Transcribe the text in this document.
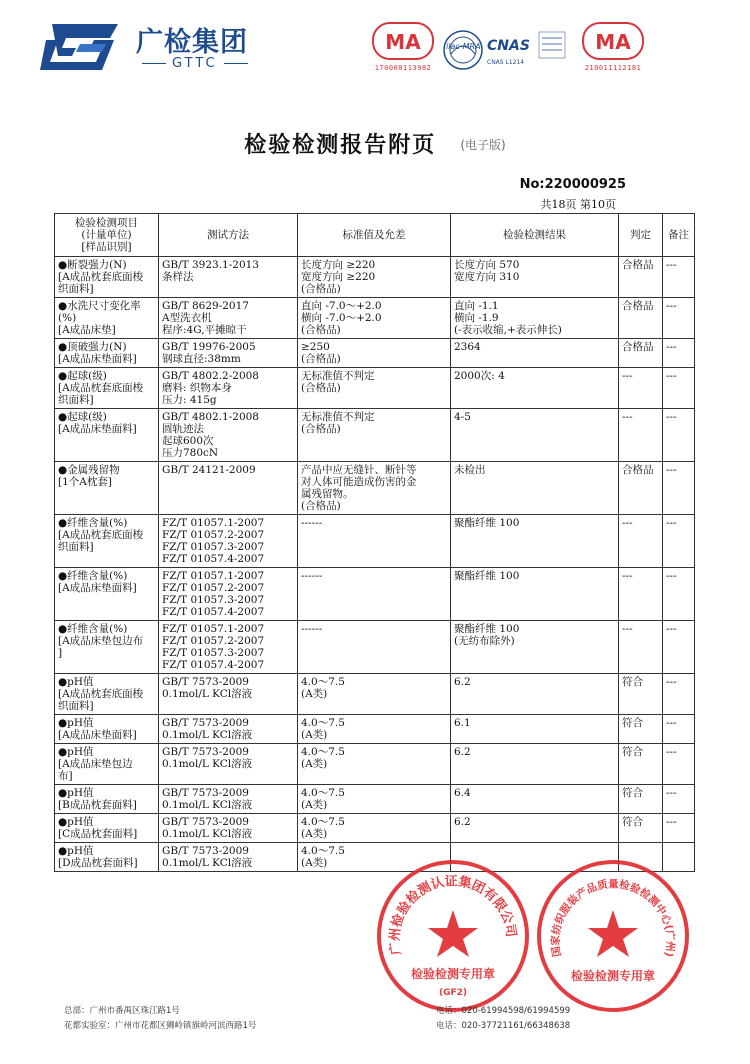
广检集团
GTTC
MA
170000113982
ilac-MRA CNAS
CNAS L1214
MA
210011112181
检验检测报告附页 (电子版)
No:220000925
共18页 第10页
检验检测项目
(计量单位)
[样品识别]	测试方法	标准值及允差	检验检测结果	判定	备注
●断裂强力(N)
[A成品枕套底面梭
织面料]	GB/T 3923.1-2013
条样法	长度方向 ≥220
宽度方向 ≥220
(合格品)	长度方向 570
宽度方向 310	合格品	---
●水洗尺寸变化率
(%)
[A成品床垫]	GB/T 8629-2017
A型洗衣机
程序:4G,平摊晾干	直向 -7.0～+2.0
横向 -7.0～+2.0
(合格品)	直向 -1.1
横向 -1.9
(-表示收缩,+表示伸长)	合格品	---
●顶破强力(N)
[A成品床垫面料]	GB/T 19976-2005
钢球直径:38mm	≥250
(合格品)	2364	合格品	---
●起球(级)
[A成品枕套底面梭
织面料]	GB/T 4802.2-2008
磨料: 织物本身
压力: 415g	无标准值不判定
(合格品)	2000次: 4	---	---
●起球(级)
[A成品床垫面料]	GB/T 4802.1-2008
圆轨迹法
起球600次
压力780cN	无标准值不判定
(合格品)	4-5	---	---
●金属残留物
[1个A枕套]	GB/T 24121-2009	产品中应无缝针、断针等
对人体可能造成伤害的金
属残留物。
(合格品)	未检出	合格品	---
●纤维含量(%)
[A成品枕套底面梭
织面料]	FZ/T 01057.1-2007
FZ/T 01057.2-2007
FZ/T 01057.3-2007
FZ/T 01057.4-2007	------	聚酯纤维 100	---	---
●纤维含量(%)
[A成品床垫面料]	FZ/T 01057.1-2007
FZ/T 01057.2-2007
FZ/T 01057.3-2007
FZ/T 01057.4-2007	------	聚酯纤维 100	---	---
●纤维含量(%)
[A成品床垫包边布
]	FZ/T 01057.1-2007
FZ/T 01057.2-2007
FZ/T 01057.3-2007
FZ/T 01057.4-2007	------	聚酯纤维 100
(无纺布除外)	---	---
●pH值
[A成品枕套底面梭
织面料]	GB/T 7573-2009
0.1mol/L KCl溶液	4.0～7.5
(A类)	6.2	符合	---
●pH值
[A成品床垫面料]	GB/T 7573-2009
0.1mol/L KCl溶液	4.0～7.5
(A类)	6.1	符合	---
●pH值
[A成品床垫包边
布]	GB/T 7573-2009
0.1mol/L KCl溶液	4.0～7.5
(A类)	6.2	符合	---
●pH值
[B成品枕套面料]	GB/T 7573-2009
0.1mol/L KCl溶液	4.0～7.5
(A类)	6.4	符合	---
●pH值
[C成品枕套面料]	GB/T 7573-2009
0.1mol/L KCl溶液	4.0～7.5
(A类)	6.2	符合	---
●pH值
[D成品枕套面料]	GB/T 7573-2009
0.1mol/L KCl溶液	4.0～7.5
(A类)			
广州检验检测认证集团有限公司
检验检测专用章
(GF2)
国家纺织服装产品质量检验检测中心(广州)
检验检测专用章
总部：广州市番禺区珠江路1号	电话：020-61994598/61994599
花都实验室：广州市花都区狮岭镇旗岭河滨西路1号	电话：020-37721161/66348638
